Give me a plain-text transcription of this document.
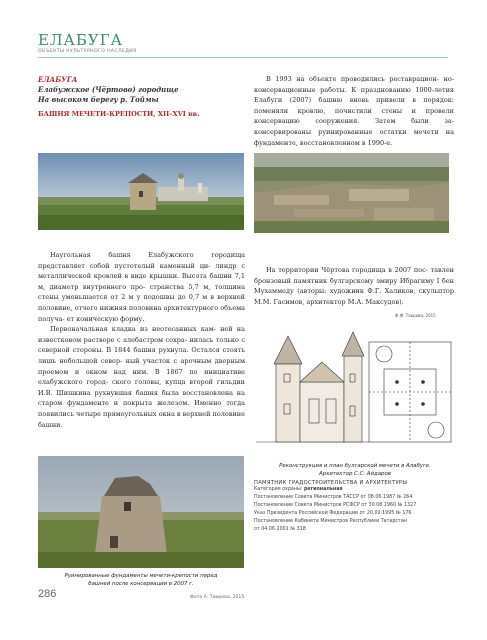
ЕЛАБУГА
ОБЪЕКТЫ КУЛЬТУРНОГО НАСЛЕДИЯ
ЕЛАБУГА
Елабужское (Чёртово) городище
На высоком берегу р. Тоймы
БАШНЯ МЕЧЕТИ-КРЕПОСТИ, XII–XVI вв.

В 1993 на объекте проводились реставрацион- но-консервационные работы. К празднованию 1000-летия Елабуги (2007) башню вновь привели в порядок: поменяли кровлю, почистили стены и провели консервацию сооружения. Затем были за- консервированы руинированные остатки мечети на фундаменте, восстановленном в 1990-е.

Наугольная башня Елабужского городища представляет собой пустотелый каменный ци- линдр с металлической кровлей в виде крышки. Высота башни 7,1 м, диаметр внутреннего про- странства 5,7 м, толщина стены уменьшается от 2 м у подошвы до 0,7 м в верхней половине, отчего нижняя половина архитектурного объема получа- ет коническую форму.

Первоначальная кладка из неотесанных кам- ней на известковом растворе с алебастром сохра- нилась только с северной стороны. В 1844 башня рухнула. Остался стоять лишь небольшой север- ный участок с арочным дверным проемом и окном над ним. В 1867 по инициативе елабужского город- ского головы, купца второй гильдии И.В. Шишкина рухнувшая башня была восстановлена на старом фундаменте и покрыта железом. Именно тогда появились четыре прямоугольных окна в верхней половине башни.

На территории Чёртова городища в 2007 пос- тавлен бронзовый памятник булгарскому эмиру Ибрагиму I бен Мухаммеду (авторы: художник Ф.Г. Халиков, скульптор М.М. Гасимов, архитектор М.А. Максудов).

Ф.Ф. Таирова, 2015
Реконструкция и план булгарской мечети в Алабуге. Архитектор С.С. Айдаров
Руинированные фундаменты мечети-крепости перед башней после консервации в 2007 г.
ПАМЯТНИК ГРАДОСТРОИТЕЛЬСТВА И АРХИТЕКТУРЫ
Категория охраны: региональная
Постановление Совета Министров ТАССР от 08.06.1987 № 264
Постановление Совета Министров РСФСР от 30.08.1960 № 1327
Указ Президента Российской Федерации от 20.02.1995 № 176
Постановление Кабинета Министров Республики Татарстан
от 04.06.2001 № 318
286	Фото А. Таирова, 2015
